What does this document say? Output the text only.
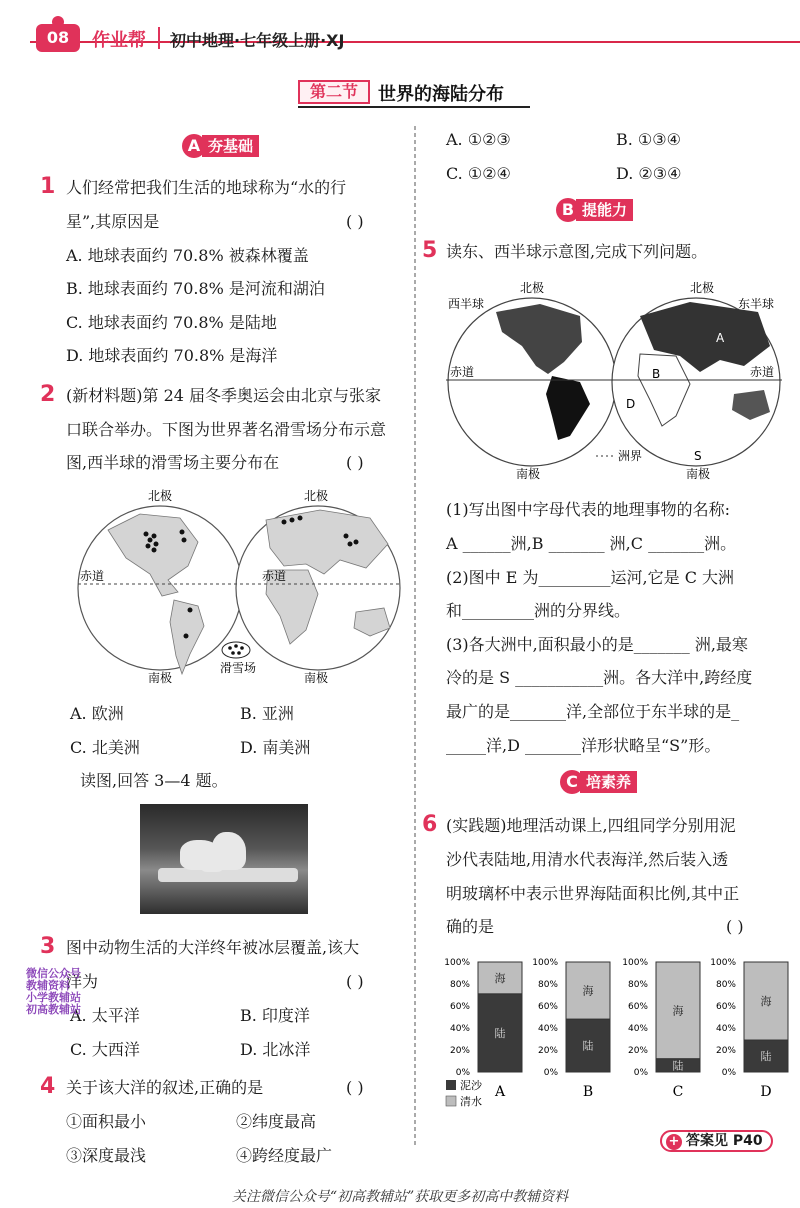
08	作业帮 初中地理·七年级上册·XJ
第二节	世界的海陆分布
A 夯基础
1 人们经常把我们生活的地球称为“水的行
星”,其原因是	( )
A. 地球表面约 70.8% 被森林覆盖
B. 地球表面约 70.8% 是河流和湖泊
C. 地球表面约 70.8% 是陆地
D. 地球表面约 70.8% 是海洋
2 (新材料题)第 24 届冬季奥运会由北京与张家
口联合举办。下图为世界著名滑雪场分布示意
图,西半球的滑雪场主要分布在	( )
北极	北极
赤道	赤道
滑雪场
南极	南极
A. 欧洲	B. 亚洲
C. 北美洲	D. 南美洲
读图,回答 3—4 题。
3 图中动物生活的大洋终年被冰层覆盖,该大
洋为	( )
A. 太平洋	B. 印度洋
C. 大西洋	D. 北冰洋
微信公众号
教辅资料
小学教辅站
初高教辅站
4 关于该大洋的叙述,正确的是	( )
①面积最小	②纬度最高
③深度最浅	④跨经度最广
A. ①②③	B. ①③④
C. ①②④	D. ②③④
B 提能力
5 读东、西半球示意图,完成下列问题。
北极	北极
西半球	东半球
赤道	赤道
A
B
D
S
洲界
南极	南极
(1)写出图中字母代表的地理事物的名称:
A ______洲,B _______ 洲,C _______洲。
(2)图中 E 为_________运河,它是 C 大洲
和_________洲的分界线。
(3)各大洲中,面积最小的是_______ 洲,最寒
冷的是 S ___________洲。各大洋中,跨经度
最广的是_______洋,全部位于东半球的是_
_____洋,D _______洋形状略呈“S”形。
C 培素养
6 (实践题)地理活动课上,四组同学分别用泥
沙代表陆地,用清水代表海洋,然后装入透
明玻璃杯中表示世界海陆面积比例,其中正
确的是	( )
0%
20%
40%
60%
80%
100%
海
陆
A
0%
20%
40%
60%
80%
100%
海
陆
B
0%
20%
40%
60%
80%
100%
海
陆
C
0%
20%
40%
60%
80%
100%
海
陆
D
泥沙
清水
+ 答案见 P40
关注微信公众号“初高教辅站”获取更多初高中教辅资料
